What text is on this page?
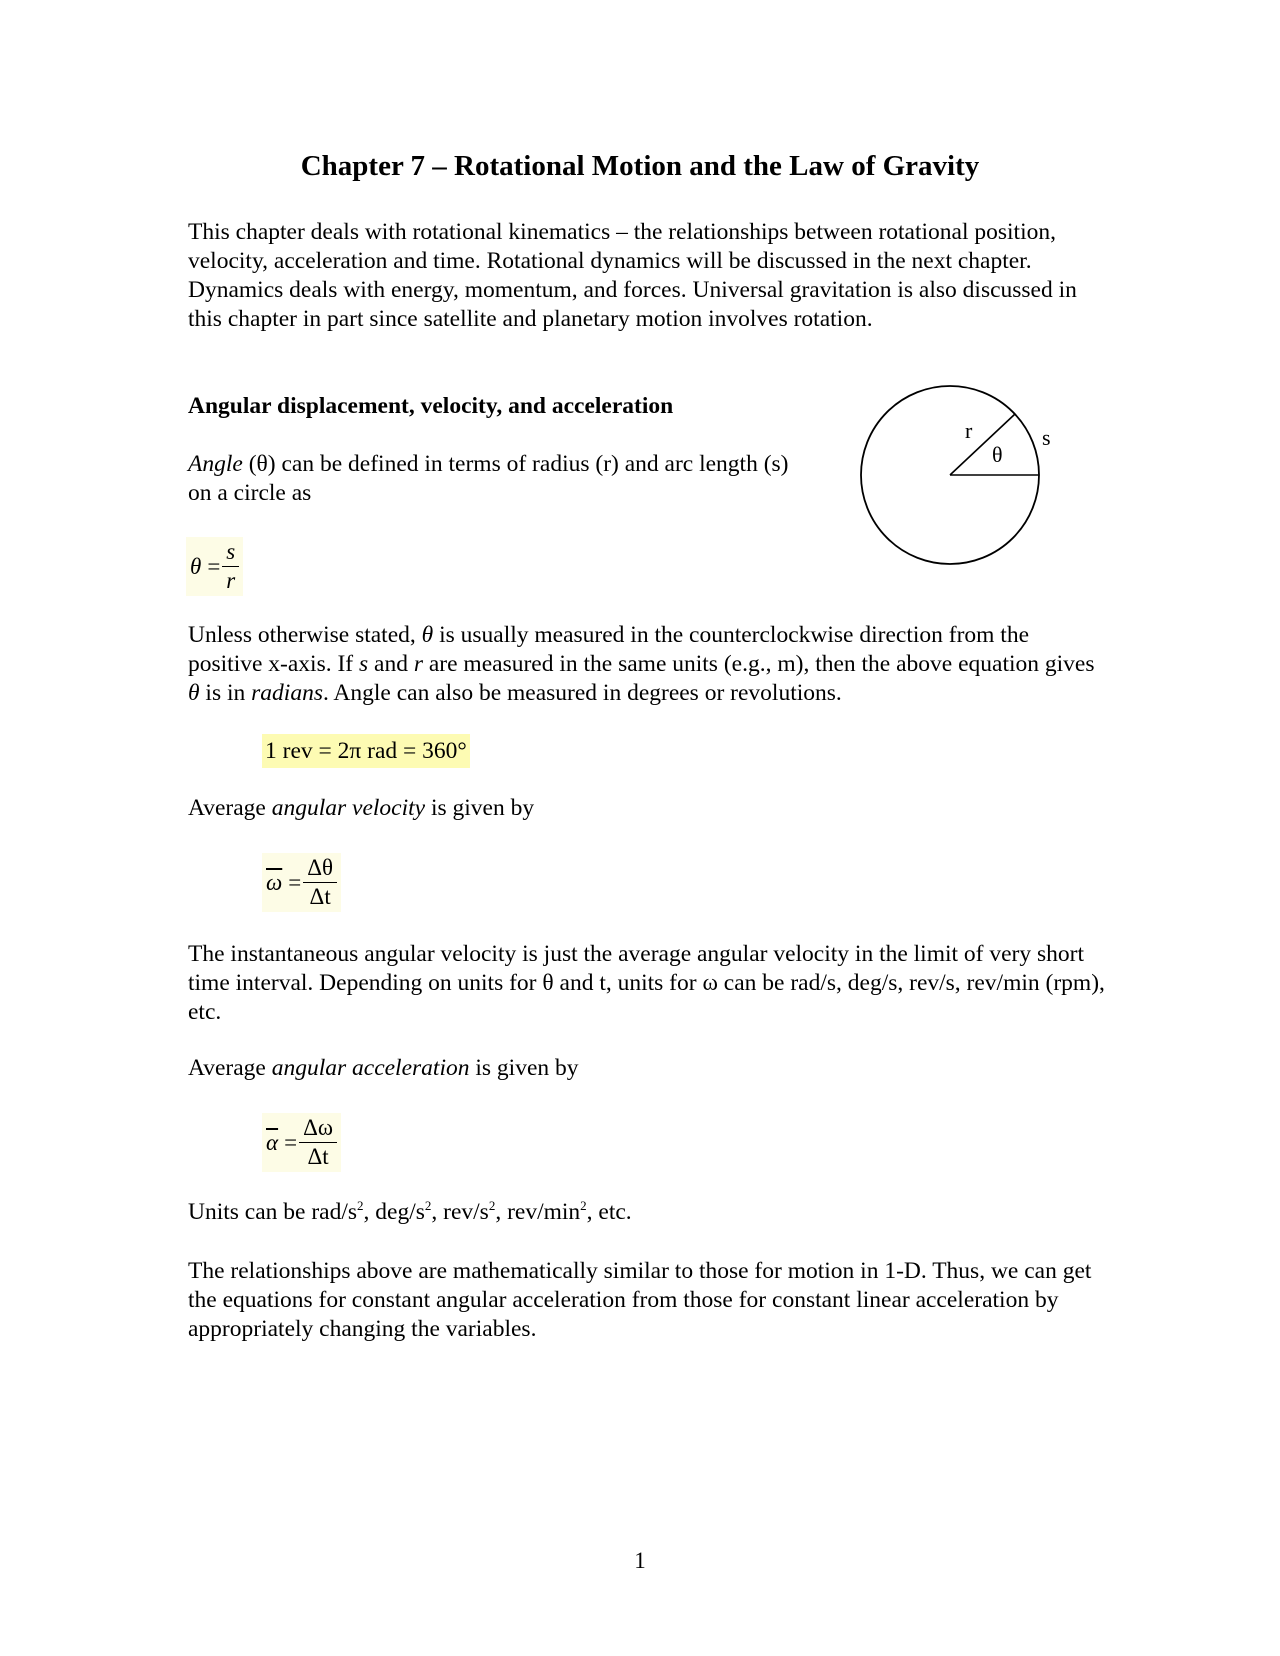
Chapter 7 – Rotational Motion and the Law of Gravity

This chapter deals with rotational kinematics – the relationships between rotational position, velocity, acceleration and time. Rotational dynamics will be discussed in the next chapter. Dynamics deals with energy, momentum, and forces. Universal gravitation is also discussed in this chapter in part since satellite and planetary motion involves rotation.

Angular displacement, velocity, and acceleration

Angle (θ) can be defined in terms of radius (r) and arc length (s) on a circle as

$\theta = \frac{s}{r}$
r
θ
s

Unless otherwise stated, θ is usually measured in the counterclockwise direction from the positive x-axis. If s and r are measured in the same units (e.g., m), then the above equation gives θ is in radians. Angle can also be measured in degrees or revolutions.

1 rev = 2π rad = 360°

Average angular velocity is given by

$\overline{\omega} = \frac{\Delta\theta}{\Delta t}$

The instantaneous angular velocity is just the average angular velocity in the limit of very short time interval. Depending on units for θ and t, units for ω can be rad/s, deg/s, rev/s, rev/min (rpm), etc.

Average angular acceleration is given by

$\overline{\alpha} = \frac{\Delta\omega}{\Delta t}$

Units can be rad/$s^2$, deg/$s^2$, rev/$s^2$, rev/$\min^2$, etc.

The relationships above are mathematically similar to those for motion in 1-D. Thus, we can get the equations for constant angular acceleration from those for constant linear acceleration by appropriately changing the variables.

1
